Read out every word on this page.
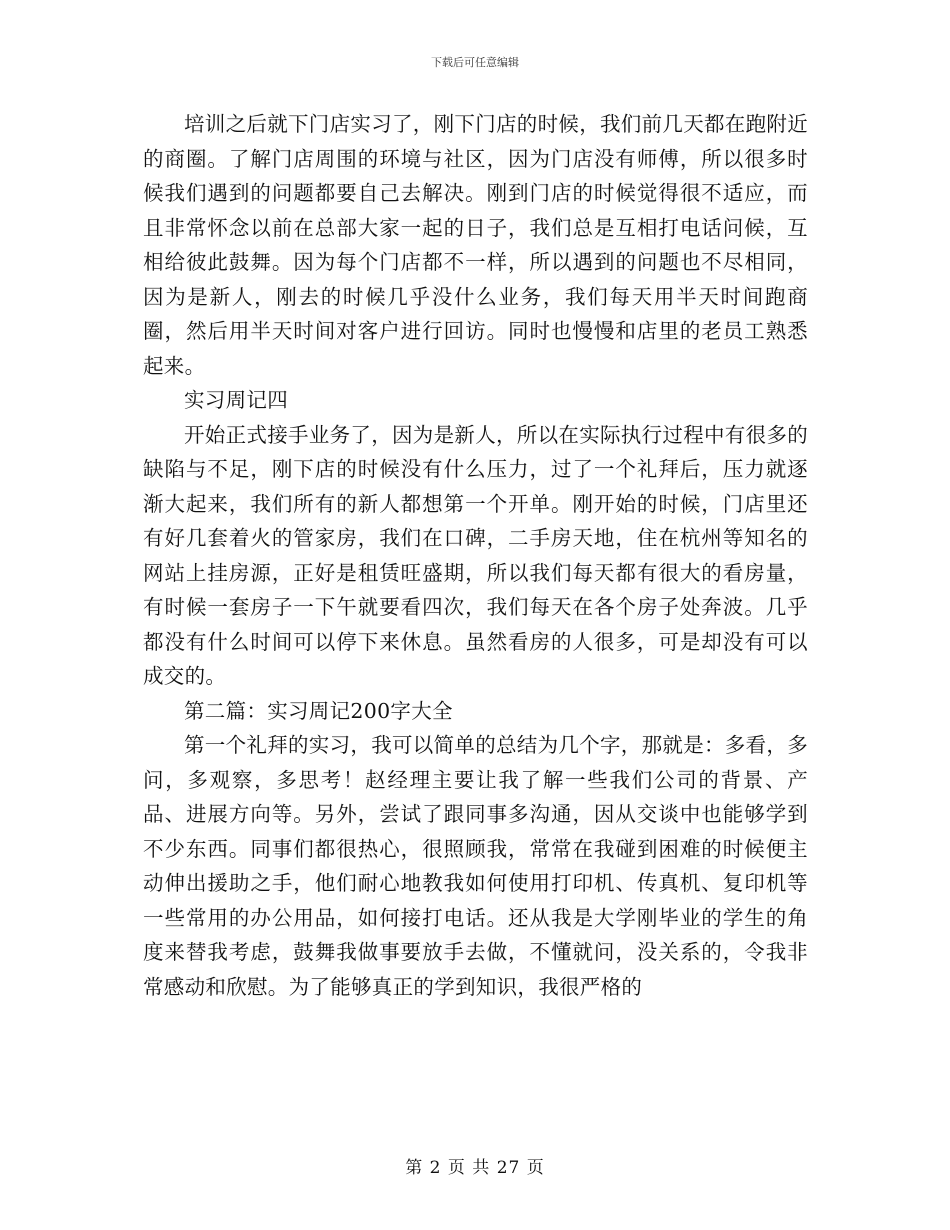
下载后可任意编辑

培训之后就下门店实习了，刚下门店的时候，我们前几天都在跑附近的商圈。了解门店周围的环境与社区，因为门店没有师傅，所以很多时候我们遇到的问题都要自己去解决。刚到门店的时候觉得很不适应，而且非常怀念以前在总部大家一起的日子，我们总是互相打电话问候，互相给彼此鼓舞。因为每个门店都不一样，所以遇到的问题也不尽相同，因为是新人，刚去的时候几乎没什么业务，我们每天用半天时间跑商圈，然后用半天时间对客户进行回访。同时也慢慢和店里的老员工熟悉起来。

实习周记四

开始正式接手业务了，因为是新人，所以在实际执行过程中有很多的缺陷与不足，刚下店的时候没有什么压力，过了一个礼拜后，压力就逐渐大起来，我们所有的新人都想第一个开单。刚开始的时候，门店里还有好几套着火的管家房，我们在口碑，二手房天地，住在杭州等知名的网站上挂房源，正好是租赁旺盛期，所以我们每天都有很大的看房量，有时候一套房子一下午就要看四次，我们每天在各个房子处奔波。几乎都没有什么时间可以停下来休息。虽然看房的人很多，可是却没有可以成交的。

第二篇：实习周记200字大全

第一个礼拜的实习，我可以简单的总结为几个字，那就是：多看，多问，多观察，多思考！赵经理主要让我了解一些我们公司的背景、产品、进展方向等。另外，尝试了跟同事多沟通，因从交谈中也能够学到不少东西。同事们都很热心，很照顾我，常常在我碰到困难的时候便主动伸出援助之手，他们耐心地教我如何使用打印机、传真机、复印机等一些常用的办公用品，如何接打电话。还从我是大学刚毕业的学生的角度来替我考虑，鼓舞我做事要放手去做，不懂就问，没关系的，令我非常感动和欣慰。为了能够真正的学到知识，我很严格的

第 2 页 共 27 页
